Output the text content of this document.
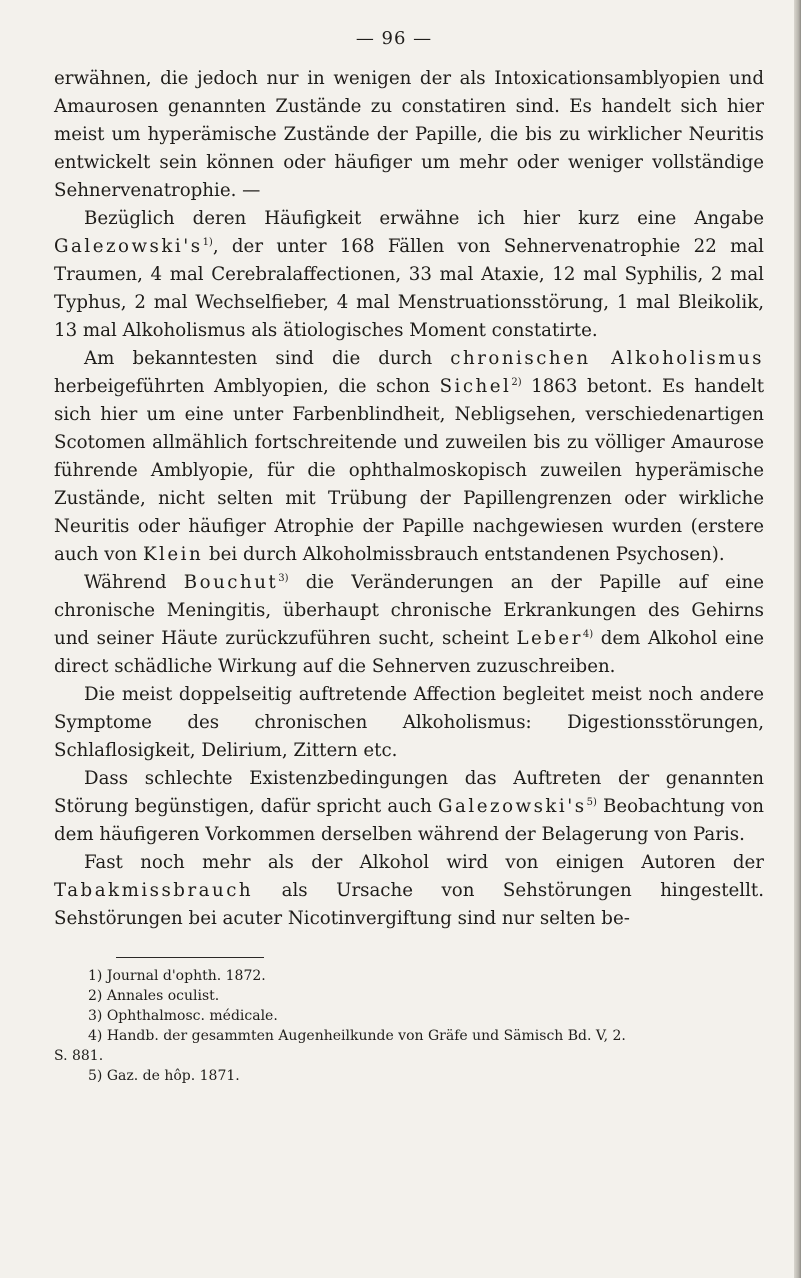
— 96 —

erwähnen, die jedoch nur in wenigen der als Intoxicationsamblyopien und Amaurosen genannten Zustände zu constatiren sind. Es handelt sich hier meist um hyperämische Zustände der Papille, die bis zu wirklicher Neuritis entwickelt sein können oder häufiger um mehr oder weniger vollständige Sehnervenatrophie. —

Bezüglich deren Häufigkeit erwähne ich hier kurz eine Angabe $Galezowski's^{1)}$, der unter 168 Fällen von Sehnervenatrophie 22 mal Traumen, 4 mal Cerebralaffectionen, 33 mal Ataxie, 12 mal Syphilis, 2 mal Typhus, 2 mal Wechselfieber, 4 mal Menstruationsstörung, 1 mal Bleikolik, 13 mal Alkoholismus als ätiologisches Moment constatirte.

Am bekanntesten sind die durch chronischen Alkoholismus herbeigeführten Amblyopien, die schon Sichel$^{2)}$ 1863 betont. Es handelt sich hier um eine unter Farbenblindheit, Nebligsehen, verschiedenartigen Scotomen allmählich fortschreitende und zuweilen bis zu völliger Amaurose führende Amblyopie, für die ophthalmoskopisch zuweilen hyperämische Zustände, nicht selten mit Trübung der Papillengrenzen oder wirkliche Neuritis oder häufiger Atrophie der Papille nachgewiesen wurden (erstere auch von Klein bei durch Alkoholmissbrauch entstandenen Psychosen).

Während Bouchut$^{3)}$ die Veränderungen an der Papille auf eine chronische Meningitis, überhaupt chronische Erkrankungen des Gehirns und seiner Häute zurückzuführen sucht, scheint Leber$^{4)}$ dem Alkohol eine direct schädliche Wirkung auf die Sehnerven zuzuschreiben.

Die meist doppelseitig auftretende Affection begleitet meist noch andere Symptome des chronischen Alkoholismus: Digestionsstörungen, Schlaflosigkeit, Delirium, Zittern etc.

Dass schlechte Existenzbedingungen das Auftreten der genannten Störung begünstigen, dafür spricht auch $Galezowski's^{5)}$ Beobachtung von dem häufigeren Vorkommen derselben während der Belagerung von Paris.

Fast noch mehr als der Alkohol wird von einigen Autoren der Tabakmissbrauch als Ursache von Sehstörungen hingestellt. Sehstörungen bei acuter Nicotinvergiftung sind nur selten be-

1) Journal d'ophth. 1872.
2) Annales oculist.
3) Ophthalmosc. médicale.
4) Handb. der gesammten Augenheilkunde von Gräfe und Sämisch Bd. V, 2.
S. 881.
5) Gaz. de hôp. 1871.
